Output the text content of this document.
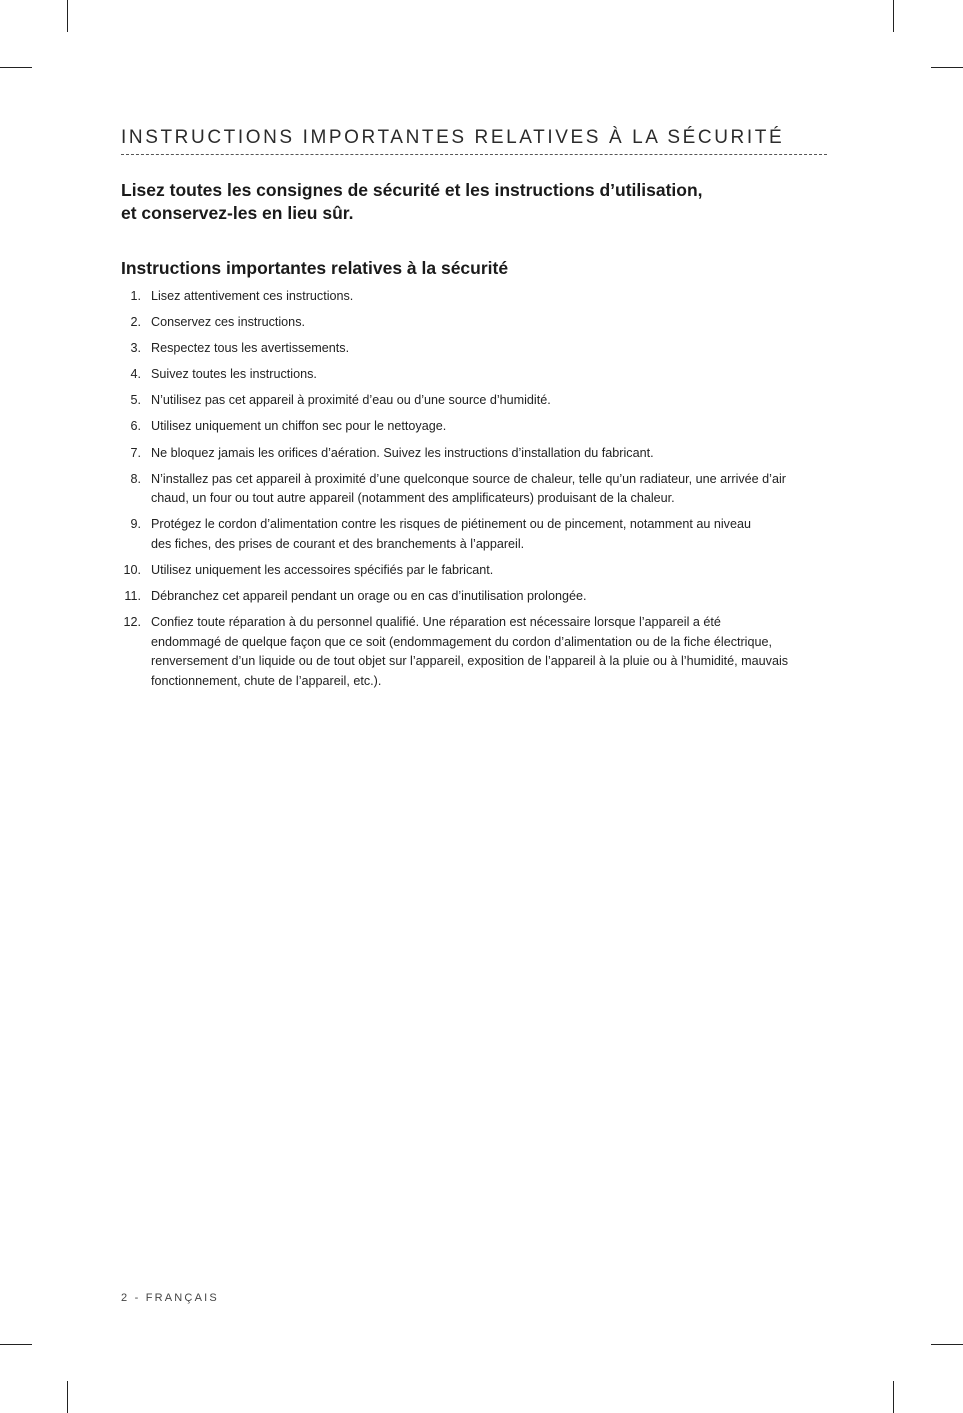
INSTRUCTIONS IMPORTANTES RELATIVES À LA SÉCURITÉ

Lisez toutes les consignes de sécurité et les instructions d’utilisation,
et conservez-les en lieu sûr.

Instructions importantes relatives à la sécurité
1. Lisez attentivement ces instructions.
2. Conservez ces instructions.
3. Respectez tous les avertissements.
4. Suivez toutes les instructions.
5. N’utilisez pas cet appareil à proximité d’eau ou d’une source d’humidité.
6. Utilisez uniquement un chiffon sec pour le nettoyage.
7. Ne bloquez jamais les orifices d’aération. Suivez les instructions d’installation du fabricant.
8. N’installez pas cet appareil à proximité d’une quelconque source de chaleur, telle qu’un radiateur, une arrivée d’air
chaud, un four ou tout autre appareil (notamment des amplificateurs) produisant de la chaleur.
9. Protégez le cordon d’alimentation contre les risques de piétinement ou de pincement, notamment au niveau
des fiches, des prises de courant et des branchements à l’appareil.
10. Utilisez uniquement les accessoires spécifiés par le fabricant.
11. Débranchez cet appareil pendant un orage ou en cas d’inutilisation prolongée.
12. Confiez toute réparation à du personnel qualifié. Une réparation est nécessaire lorsque l’appareil a été
endommagé de quelque façon que ce soit (endommagement du cordon d’alimentation ou de la fiche électrique,
renversement d’un liquide ou de tout objet sur l’appareil, exposition de l’appareil à la pluie ou à l’humidité, mauvais
fonctionnement, chute de l’appareil, etc.).

2 - FRANÇAIS
